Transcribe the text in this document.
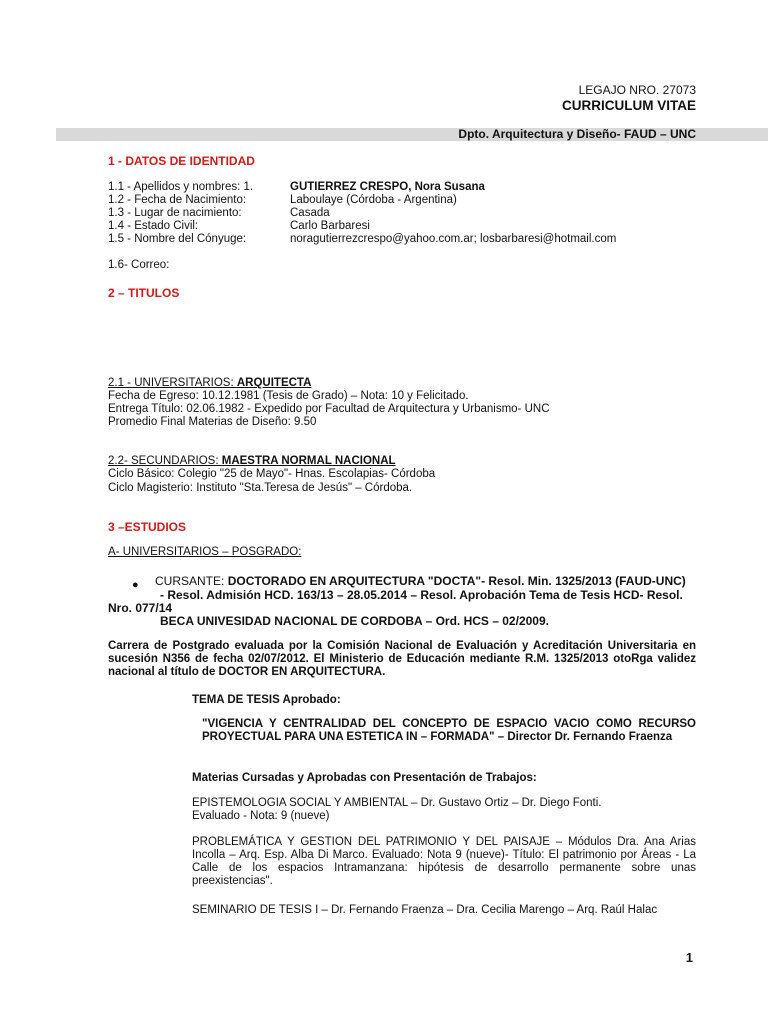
LEGAJO NRO. 27073
CURRICULUM VITAE
Dpto. Arquitectura y Diseño- FAUD – UNC
1 - DATOS DE IDENTIDAD
1.1 - Apellidos y nombres: 1.	GUTIERREZ CRESPO, Nora Susana
1.2 - Fecha de Nacimiento:	Laboulaye (Córdoba - Argentina)
1.3 - Lugar de nacimiento:	Casada
1.4 - Estado Civil:	Carlo Barbaresi
1.5 - Nombre del Cónyuge:	noragutierrezcrespo@yahoo.com.ar; losbarbaresi@hotmail.com
1.6- Correo:
2 – TITULOS
2.1 - UNIVERSITARIOS: ARQUITECTA
Fecha de Egreso: 10.12.1981 (Tesis de Grado) – Nota: 10 y Felicitado.
Entrega Título: 02.06.1982 - Expedido por Facultad de Arquitectura y Urbanismo- UNC
Promedio Final Materias de Diseño: 9.50
2.2- SECUNDARIOS: MAESTRA NORMAL NACIONAL
Ciclo Básico: Colegio "25 de Mayo"- Hnas. Escolapias- Córdoba
Ciclo Magisterio: Instituto "Sta.Teresa de Jesús" – Córdoba.
3 –ESTUDIOS
A- UNIVERSITARIOS – POSGRADO:
● CURSANTE: DOCTORADO EN ARQUITECTURA "DOCTA"- Resol. Min. 1325/2013 (FAUD-UNC)
- Resol. Admisión HCD. 163/13 – 28.05.2014 – Resol. Aprobación Tema de Tesis HCD- Resol.
Nro. 077/14
BECA UNIVESIDAD NACIONAL DE CORDOBA – Ord. HCS – 02/2009.
Carrera de Postgrado evaluada por la Comisión Nacional de Evaluación y Acreditación Universitaria en sucesión N356 de fecha 02/07/2012. El Ministerio de Educación mediante R.M. 1325/2013 otoRga validez nacional al título de DOCTOR EN ARQUITECTURA.
TEMA DE TESIS Aprobado:
"VIGENCIA Y CENTRALIDAD DEL CONCEPTO DE ESPACIO VACIO COMO RECURSO PROYECTUAL PARA UNA ESTETICA IN – FORMADA" – Director Dr. Fernando Fraenza
Materias Cursadas y Aprobadas con Presentación de Trabajos:
EPISTEMOLOGIA SOCIAL Y AMBIENTAL – Dr. Gustavo Ortiz – Dr. Diego Fonti.
Evaluado - Nota: 9 (nueve)
PROBLEMÁTICA Y GESTION DEL PATRIMONIO Y DEL PAISAJE – Módulos Dra. Ana Arias Incolla – Arq. Esp. Alba Di Marco. Evaluado: Nota 9 (nueve)- Título: El patrimonio por Áreas - La Calle de los espacios Intramanzana: hipótesis de desarrollo permanente sobre unas preexistencias".
SEMINARIO DE TESIS I – Dr. Fernando Fraenza – Dra. Cecilia Marengo – Arq. Raúl Halac
1
